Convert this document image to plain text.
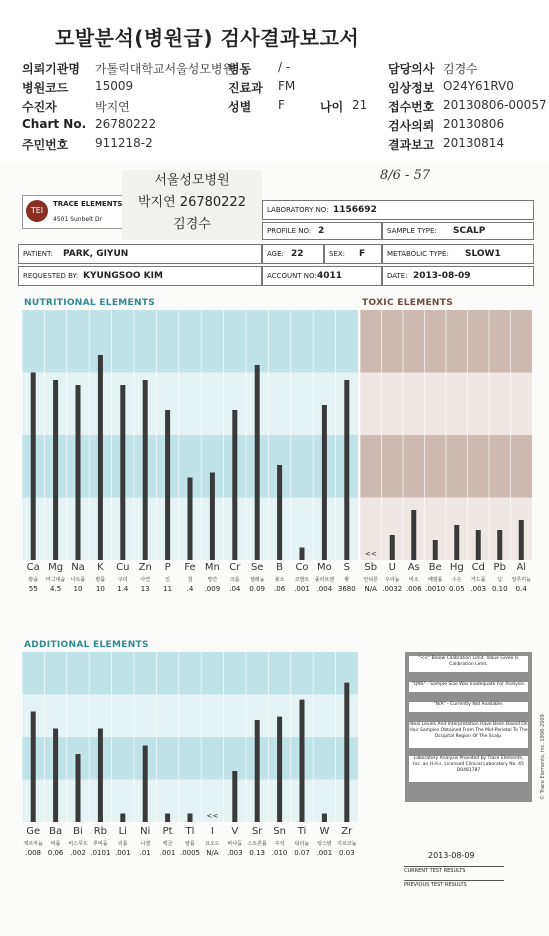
모발분석(병원급) 검사결과보고서
의뢰기관명 가톨릭대학교서울성모병원
병동 / -	담당의사 김경수
병원코드 15009	진료과 FM	임상정보 O24Y61RV0
수진자	박지연	성별 F	나이 21 접수번호 20130806-00057
Chart No. 26780222	검사의뢰 20130806
주민번호 911218-2	결과보고 20130814
TEI
TRACE ELEMENTS
4501 Sunbelt Dr
서울성모병원
박지연 26780222
김경수
8/6 - 57
LABORATORY NO: 1156692
PROFILE NO: 2	SAMPLE TYPE: SCALP
PATIENT: PARK, GIYUN	AGE: 22	SEX: F	METABOLIC TYPE: SLOW1
REQUESTED BY: KYUNGSOO KIM	ACCOUNT NO: 4011	DATE: 2013-08-09
NUTRITIONAL ELEMENTS	TOXIC ELEMENTS
ADDITIONAL ELEMENTS
<<
<<
Ca
칼슘
55
Mg
마그네슘
4.5
Na
나트륨
10
K
칼륨
10
Cu
구리
1.4
Zn
아연
13
P
인
11
Fe
철
.4
Mn
망간
.009
Cr
크롬
.04
Se
셀레늄
0.09
B
붕소
.06
Co
코발트
.001
Mo
몰리브덴
.004
S
황
3680
Sb
안티몬
N/A
U
우라늄
.0032
As
비소
.006
Be
베릴륨
.0010
Hg
수은
0.05
Cd
카드뮴
.003
Pb
납
0.10
Al
알루미늄
0.4
Ge
게르마늄
.008
Ba
바륨
0.06
Bi
비스무트
.002
Rb
루비듐
.0101
Li
리튬
.001
Ni
니켈
.01
Pt
백금
.001
Tl
탈륨
.0005
I
요오드
N/A
V
바나듐
.003
Sr
스트론튬
0.13
Sn
주석
.010
Ti
티타늄
0.07
W
텅스텐
.001
Zr
지르코늄
0.03
"<<" Below Calibration Limit. Value Given Is Calibration Limit.
"QNS" - Sample Size Was Inadequate For Analysis.
"N/A" - Currently Not Available.
Ideal Levels And Interpretation Have Been Based On Hair Samples Obtained From The Mid-Parietal To The Occipital Region Of The Scalp.
Laboratory Analysis Provided by Trace Elements, Inc. an H.H.s. Licensed Clinical Laboratory No. 45 D0481787
2013-08-09
CURRENT TEST RESULTS
PREVIOUS TEST RESULTS
© Trace Elements, Inc. 1998-2009
